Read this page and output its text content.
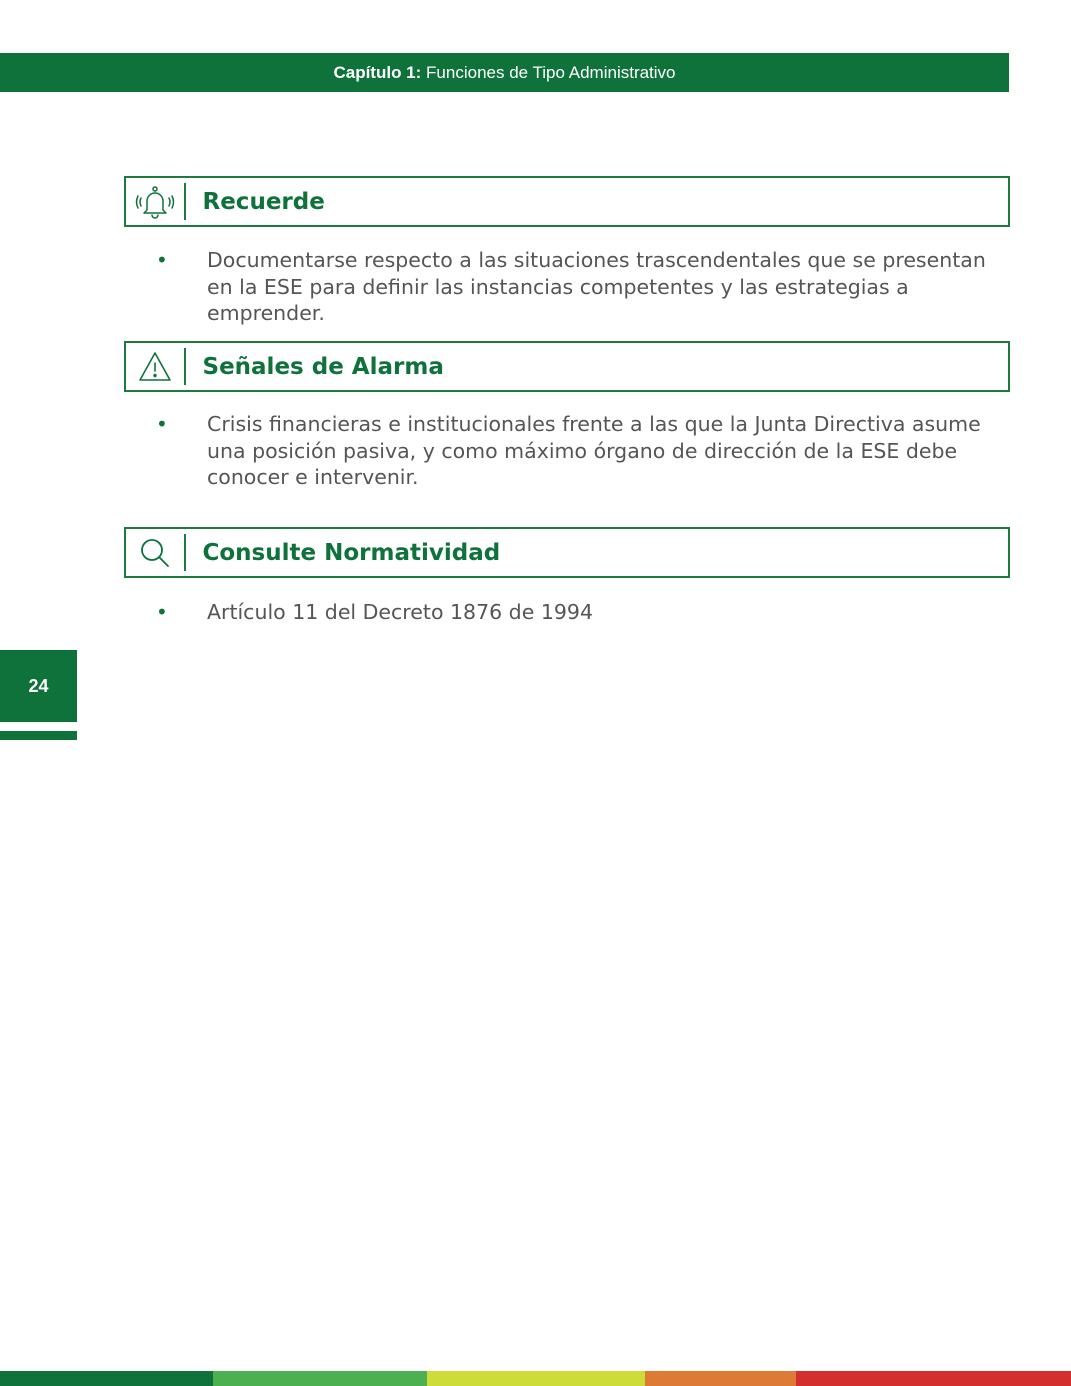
Capítulo 1:
Funciones de Tipo Administrativo
Recuerde
•	Documentarse respecto a las situaciones trascendentales que se presentan en la ESE para definir las instancias competentes y las estrategias a emprender.
Señales de Alarma
•	Crisis financieras e institucionales frente a las que la Junta Directiva asume una posición pasiva, y como máximo órgano de dirección de la ESE debe conocer e intervenir.
Consulte Normatividad
•	Artículo 11 del Decreto 1876 de 1994
24
